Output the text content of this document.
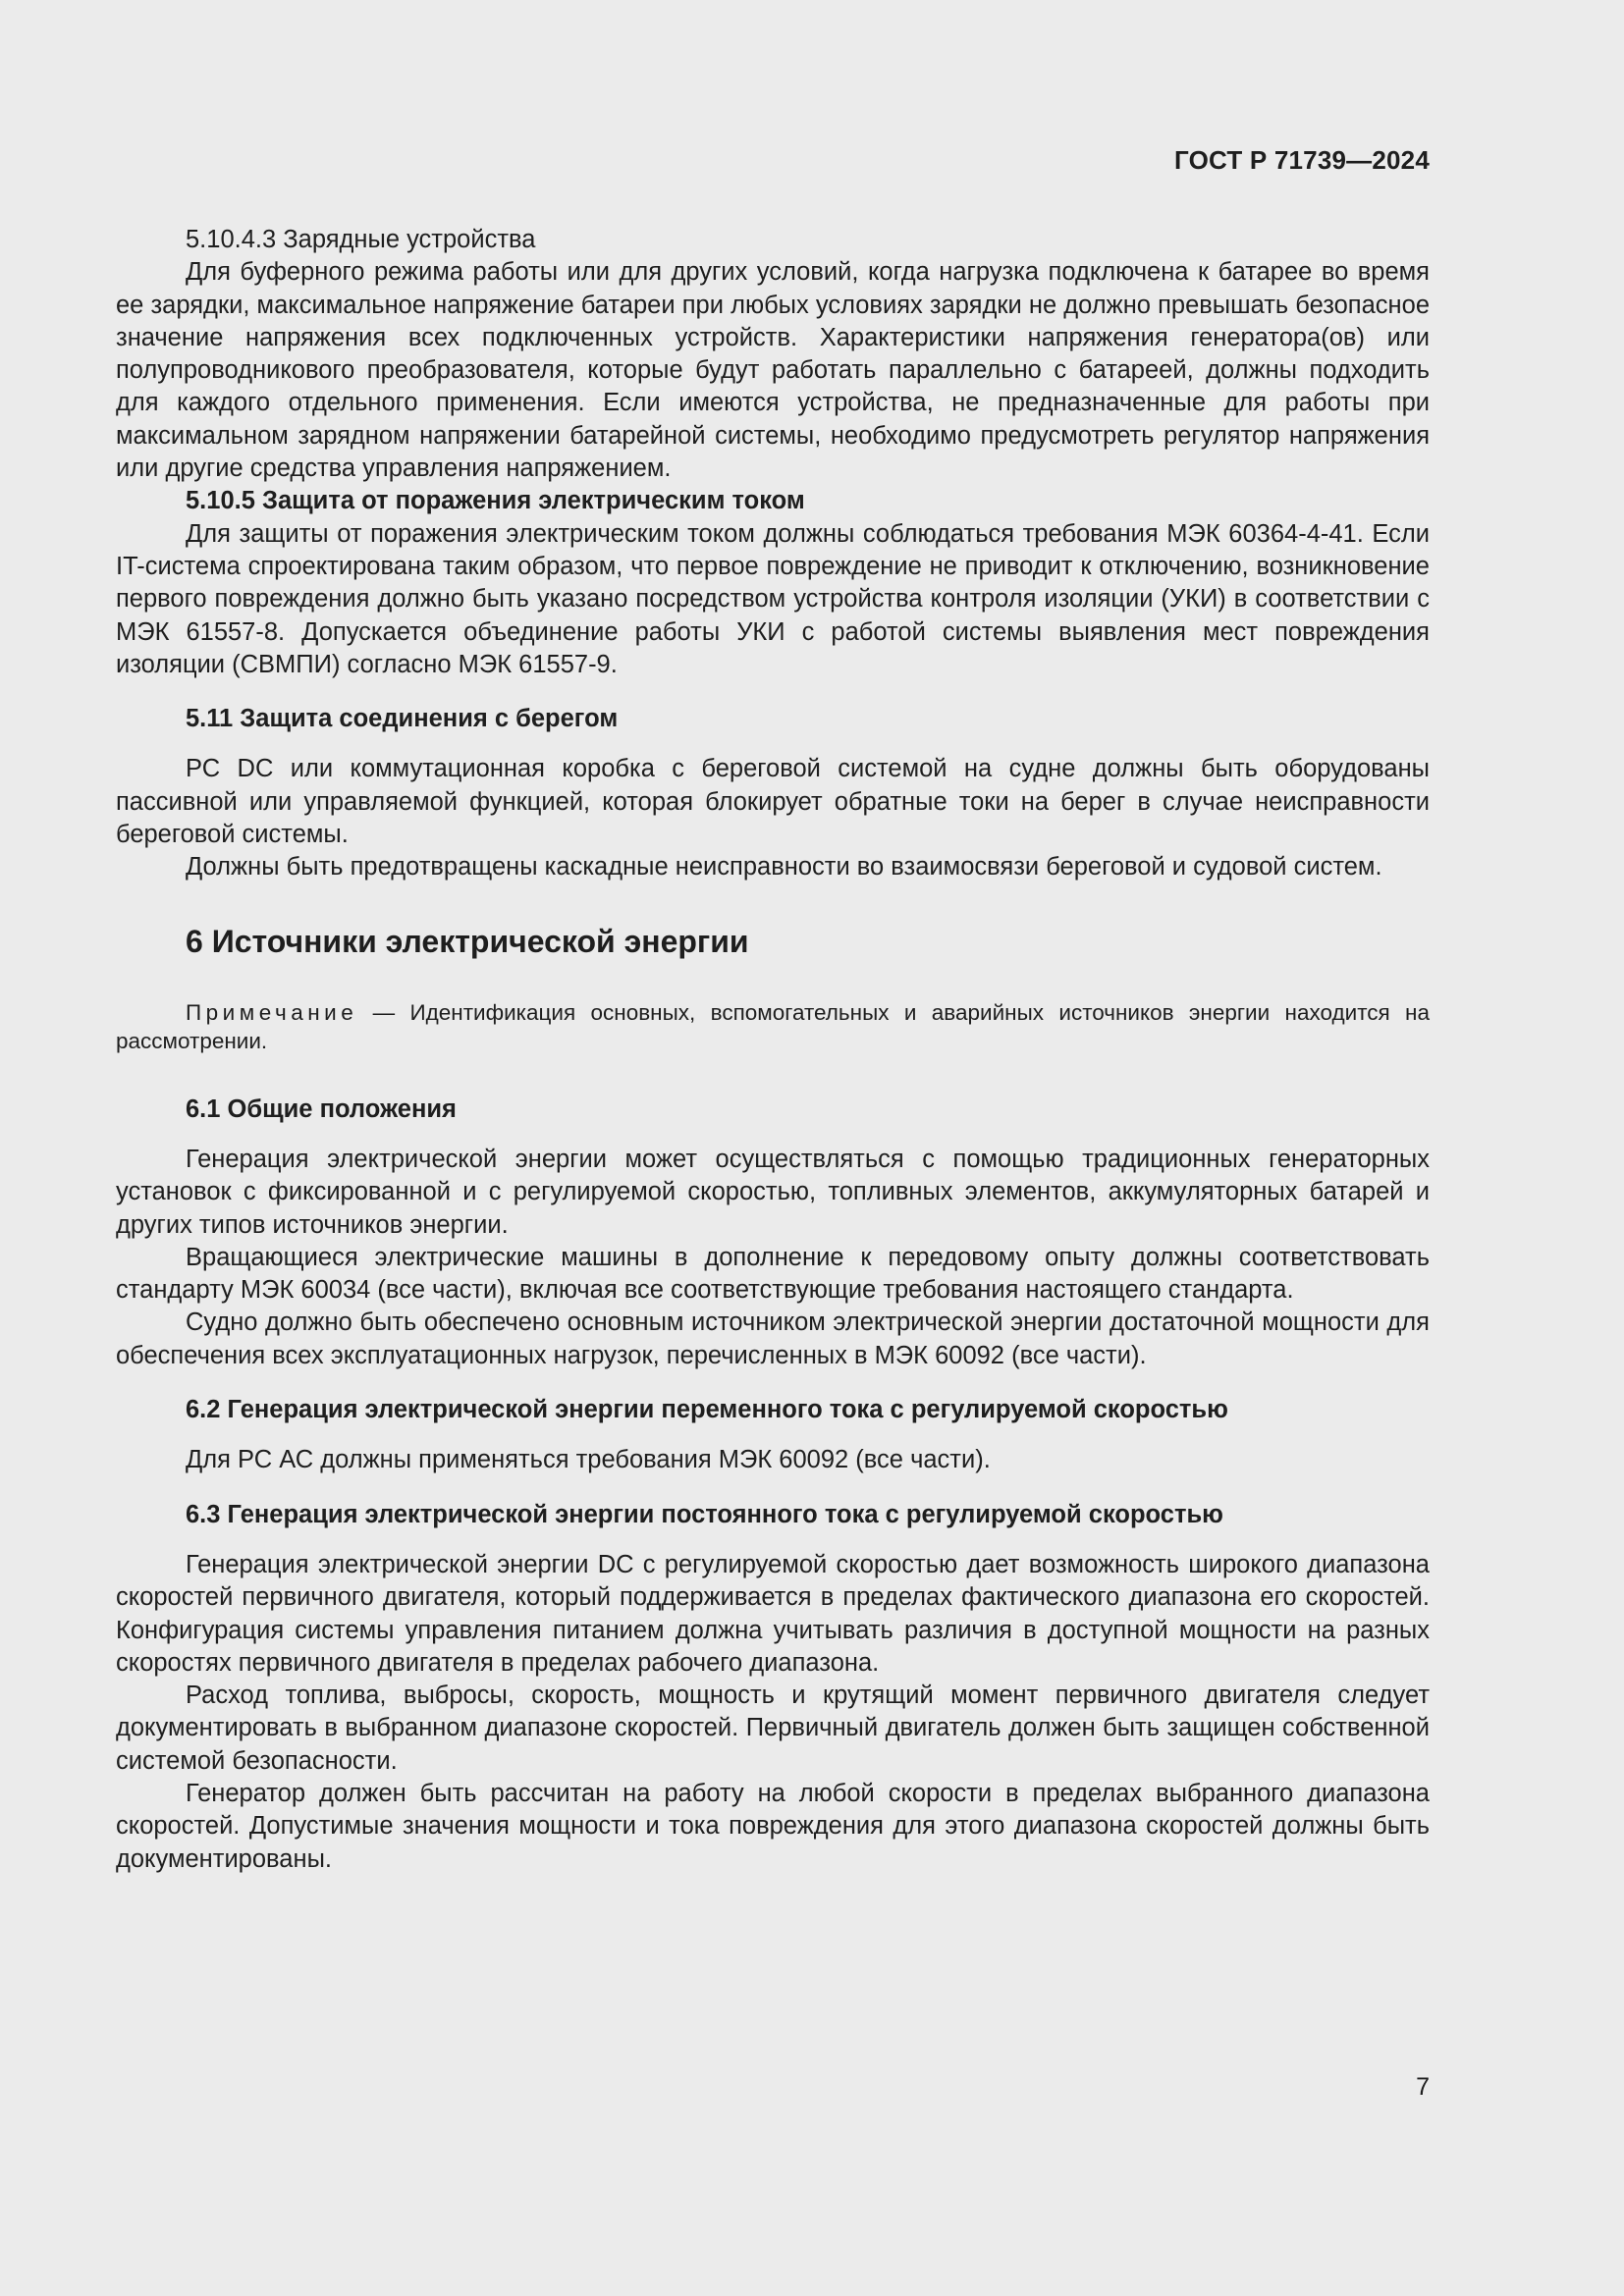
ГОСТ Р 71739—2024

5.10.4.3 Зарядные устройства

Для буферного режима работы или для других условий, когда нагрузка подключена к батарее во время ее зарядки, максимальное напряжение батареи при любых условиях зарядки не должно превышать безопасное значение напряжения всех подключенных устройств. Характеристики напряжения генератора(ов) или полупроводникового преобразователя, которые будут работать параллельно с батареей, должны подходить для каждого отдельного применения. Если имеются устройства, не предназначенные для работы при максимальном зарядном напряжении батарейной системы, необходимо предусмотреть регулятор напряжения или другие средства управления напряжением.

5.10.5 Защита от поражения электрическим током

Для защиты от поражения электрическим током должны соблюдаться требования МЭК 60364-4-41. Если IT-система спроектирована таким образом, что первое повреждение не приводит к отключению, возникновение первого повреждения должно быть указано посредством устройства контроля изоляции (УКИ) в соответствии с МЭК 61557-8. Допускается объединение работы УКИ с работой системы выявления мест повреждения изоляции (СВМПИ) согласно МЭК 61557-9.

5.11 Защита соединения с берегом

РС DC или коммутационная коробка с береговой системой на судне должны быть оборудованы пассивной или управляемой функцией, которая блокирует обратные токи на берег в случае неисправности береговой системы.

Должны быть предотвращены каскадные неисправности во взаимосвязи береговой и судовой систем.

6 Источники электрической энергии

Примечание — Идентификация основных, вспомогательных и аварийных источников энергии находится на рассмотрении.

6.1 Общие положения

Генерация электрической энергии может осуществляться с помощью традиционных генераторных установок с фиксированной и с регулируемой скоростью, топливных элементов, аккумуляторных батарей и других типов источников энергии.

Вращающиеся электрические машины в дополнение к передовому опыту должны соответствовать стандарту МЭК 60034 (все части), включая все соответствующие требования настоящего стандарта.

Судно должно быть обеспечено основным источником электрической энергии достаточной мощности для обеспечения всех эксплуатационных нагрузок, перечисленных в МЭК 60092 (все части).

6.2 Генерация электрической энергии переменного тока с регулируемой скоростью

Для РС АС должны применяться требования МЭК 60092 (все части).

6.3 Генерация электрической энергии постоянного тока с регулируемой скоростью

Генерация электрической энергии DC с регулируемой скоростью дает возможность широкого диапазона скоростей первичного двигателя, который поддерживается в пределах фактического диапазона его скоростей. Конфигурация системы управления питанием должна учитывать различия в доступной мощности на разных скоростях первичного двигателя в пределах рабочего диапазона.

Расход топлива, выбросы, скорость, мощность и крутящий момент первичного двигателя следует документировать в выбранном диапазоне скоростей. Первичный двигатель должен быть защищен собственной системой безопасности.

Генератор должен быть рассчитан на работу на любой скорости в пределах выбранного диапазона скоростей. Допустимые значения мощности и тока повреждения для этого диапазона скоростей должны быть документированы.

7
